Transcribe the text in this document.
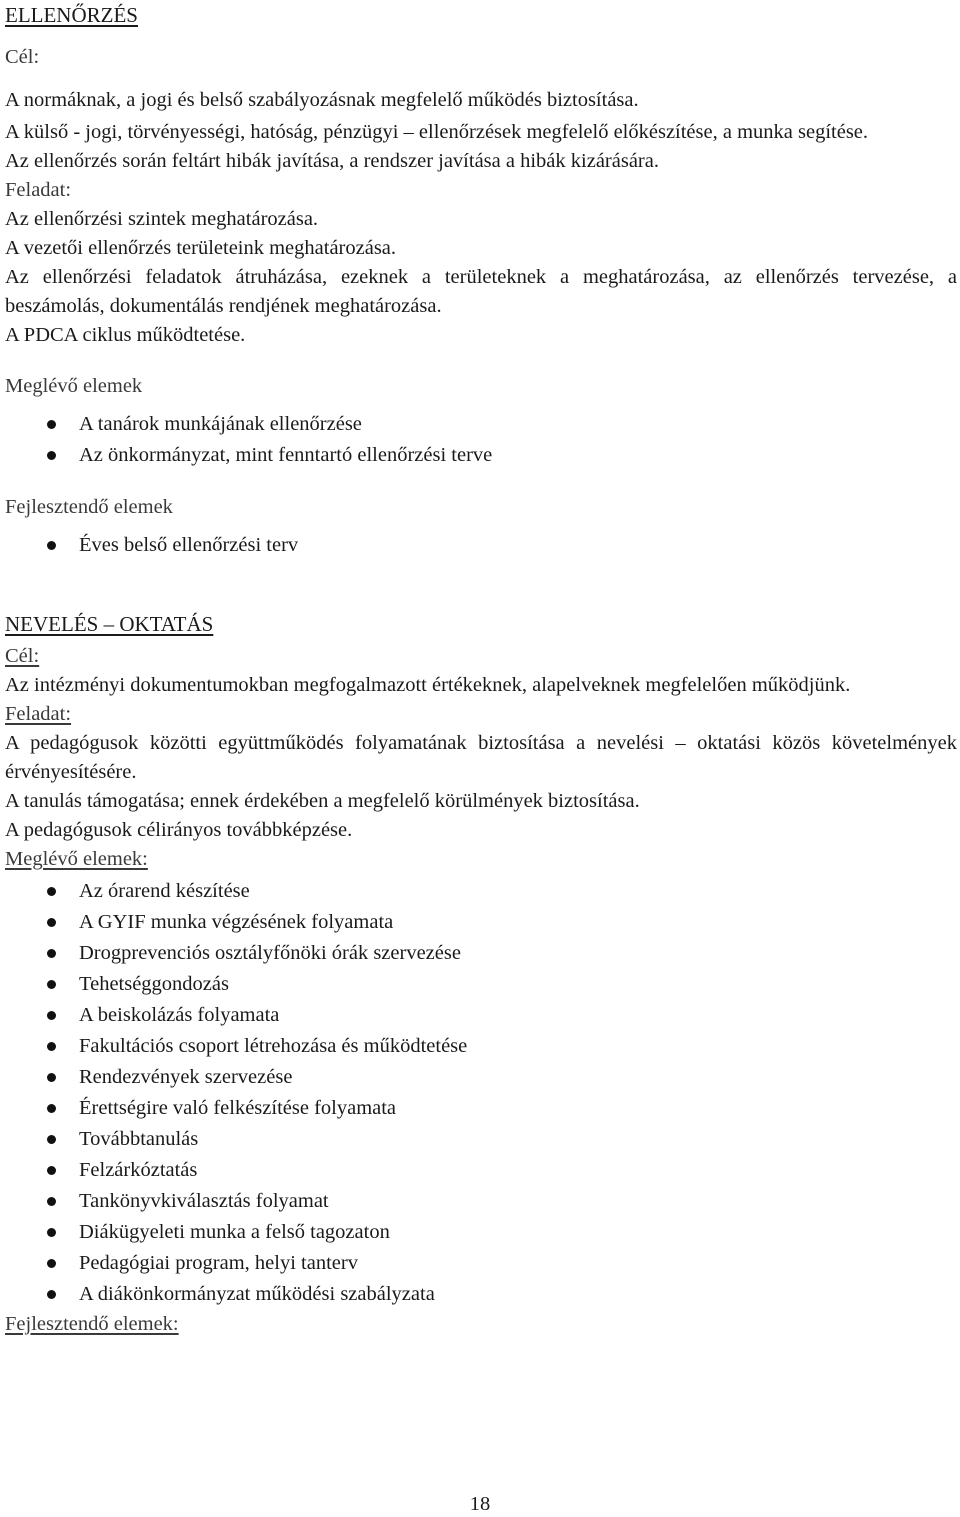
ELLENŐRZÉS

Cél:

A normáknak, a jogi és belső szabályozásnak megfelelő működés biztosítása.

A külső - jogi, törvényességi, hatóság, pénzügyi – ellenőrzések megfelelő előkészítése, a munka segítése.

Az ellenőrzés során feltárt hibák javítása, a rendszer javítása a hibák kizárására.

Feladat:

Az ellenőrzési szintek meghatározása.

A vezetői ellenőrzés területeink meghatározása.

Az ellenőrzési feladatok átruházása, ezeknek a területeknek a meghatározása, az ellenőrzés tervezése, a beszámolás, dokumentálás rendjének meghatározása.

A PDCA ciklus működtetése.

Meglévő elemek

A tanárok munkájának ellenőrzése
Az önkormányzat, mint fenntartó ellenőrzési terve

Fejlesztendő elemek

Éves belső ellenőrzési terv

NEVELÉS – OKTATÁS

Cél:

Az intézményi dokumentumokban megfogalmazott értékeknek, alapelveknek megfelelően működjünk.

Feladat:

A pedagógusok közötti együttműködés folyamatának biztosítása a nevelési – oktatási közös követelmények érvényesítésére.

A tanulás támogatása; ennek érdekében a megfelelő körülmények biztosítása.

A pedagógusok célirányos továbbképzése.

Meglévő elemek:

Az órarend készítése
A GYIF munka végzésének folyamata
Drogprevenciós osztályfőnöki órák szervezése
Tehetséggondozás
A beiskolázás folyamata
Fakultációs csoport létrehozása és működtetése
Rendezvények szervezése
Érettségire való felkészítése folyamata
Továbbtanulás
Felzárkóztatás
Tankönyvkiválasztás folyamat
Diákügyeleti munka a felső tagozaton
Pedagógiai program, helyi tanterv
A diákönkormányzat működési szabályzata

Fejlesztendő elemek:

18
